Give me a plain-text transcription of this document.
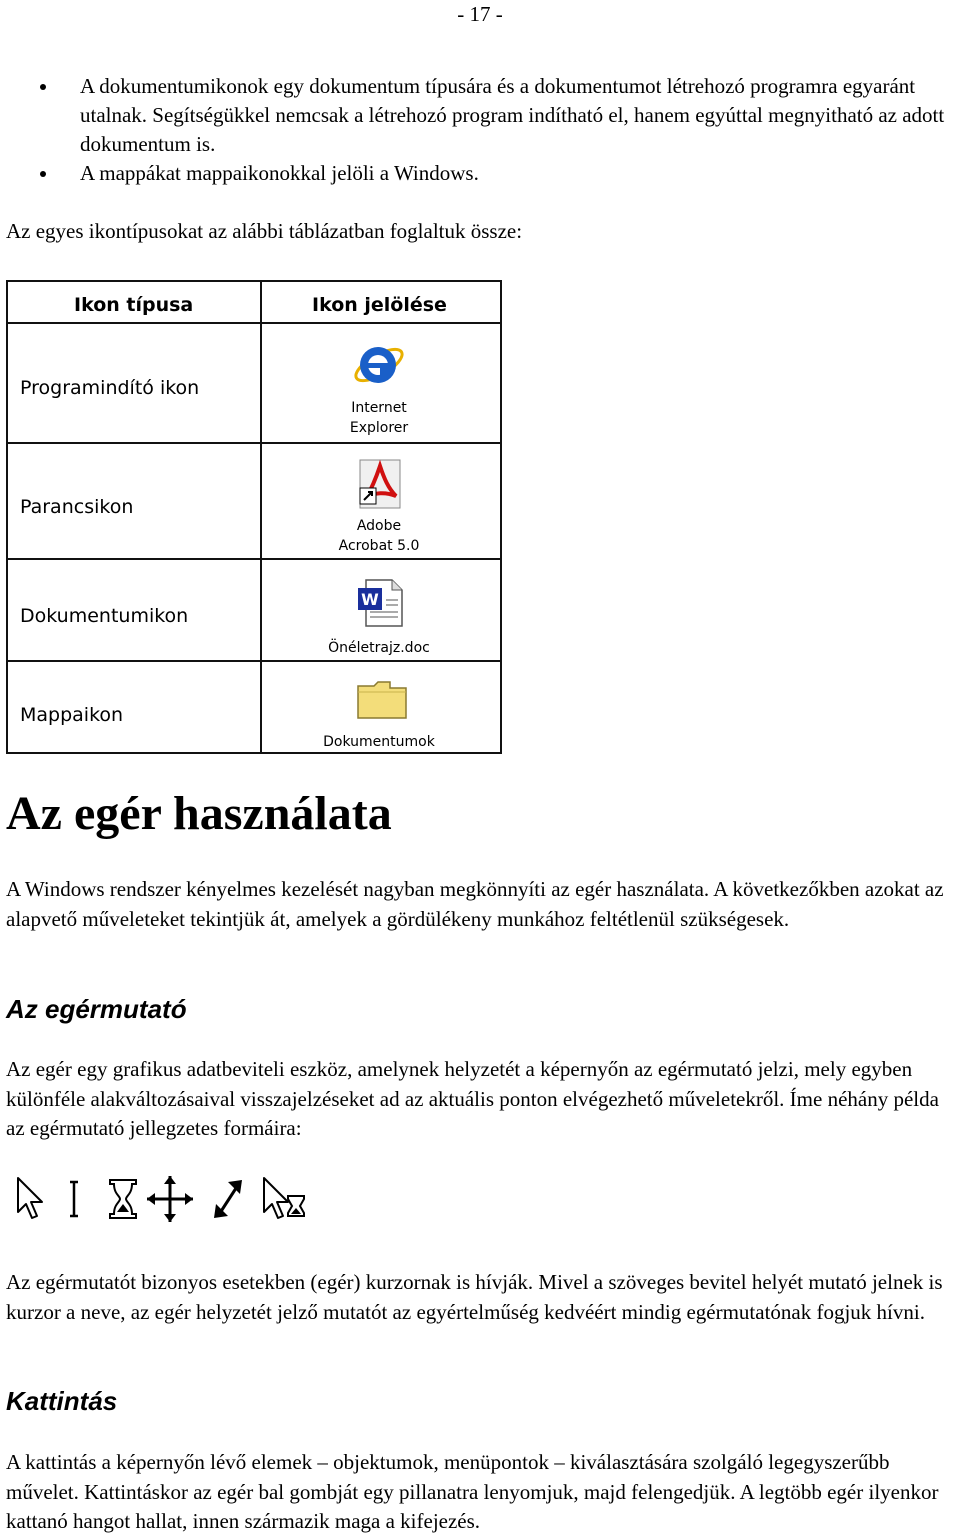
- 17 -
A dokumentumikonok egy dokumentum típusára és a dokumentumot létrehozó programra egyaránt utalnak. Segítségükkel nemcsak a létrehozó program indítható el, hanem egyúttal megnyitható az adott dokumentum is.
A mappákat mappaikonokkal jelöli a Windows.

Az egyes ikontípusokat az alábbi táblázatban foglaltuk össze:

Ikon típusa	Ikon jelölése
Programindító ikon
Internet
Explorer
Parancsikon
Adobe
Acrobat 5.0
Dokumentumikon
W
Önéletrajz.doc
Mappaikon
Dokumentumok
Az egér használata

A Windows rendszer kényelmes kezelését nagyban megkönnyíti az egér használata. A következőkben azokat az alapvető műveleteket tekintjük át, amelyek a gördülékeny munkához feltétlenül szükségesek.

Az egérmutató

Az egér egy grafikus adatbeviteli eszköz, amelynek helyzetét a képernyőn az egérmutató jelzi, mely egyben különféle alakváltozásaival visszajelzéseket ad az aktuális ponton elvégezhető műveletekről. Íme néhány példa az egérmutató jellegzetes formáira:

Az egérmutatót bizonyos esetekben (egér) kurzornak is hívják. Mivel a szöveges bevitel helyét mutató jelnek is kurzor a neve, az egér helyzetét jelző mutatót az egyértelműség kedvéért mindig egérmutatónak fogjuk hívni.

Kattintás

A kattintás a képernyőn lévő elemek – objektumok, menüpontok – kiválasztására szolgáló legegyszerűbb művelet. Kattintáskor az egér bal gombját egy pillanatra lenyomjuk, majd felengedjük. A legtöbb egér ilyenkor kattanó hangot hallat, innen származik maga a kifejezés.
